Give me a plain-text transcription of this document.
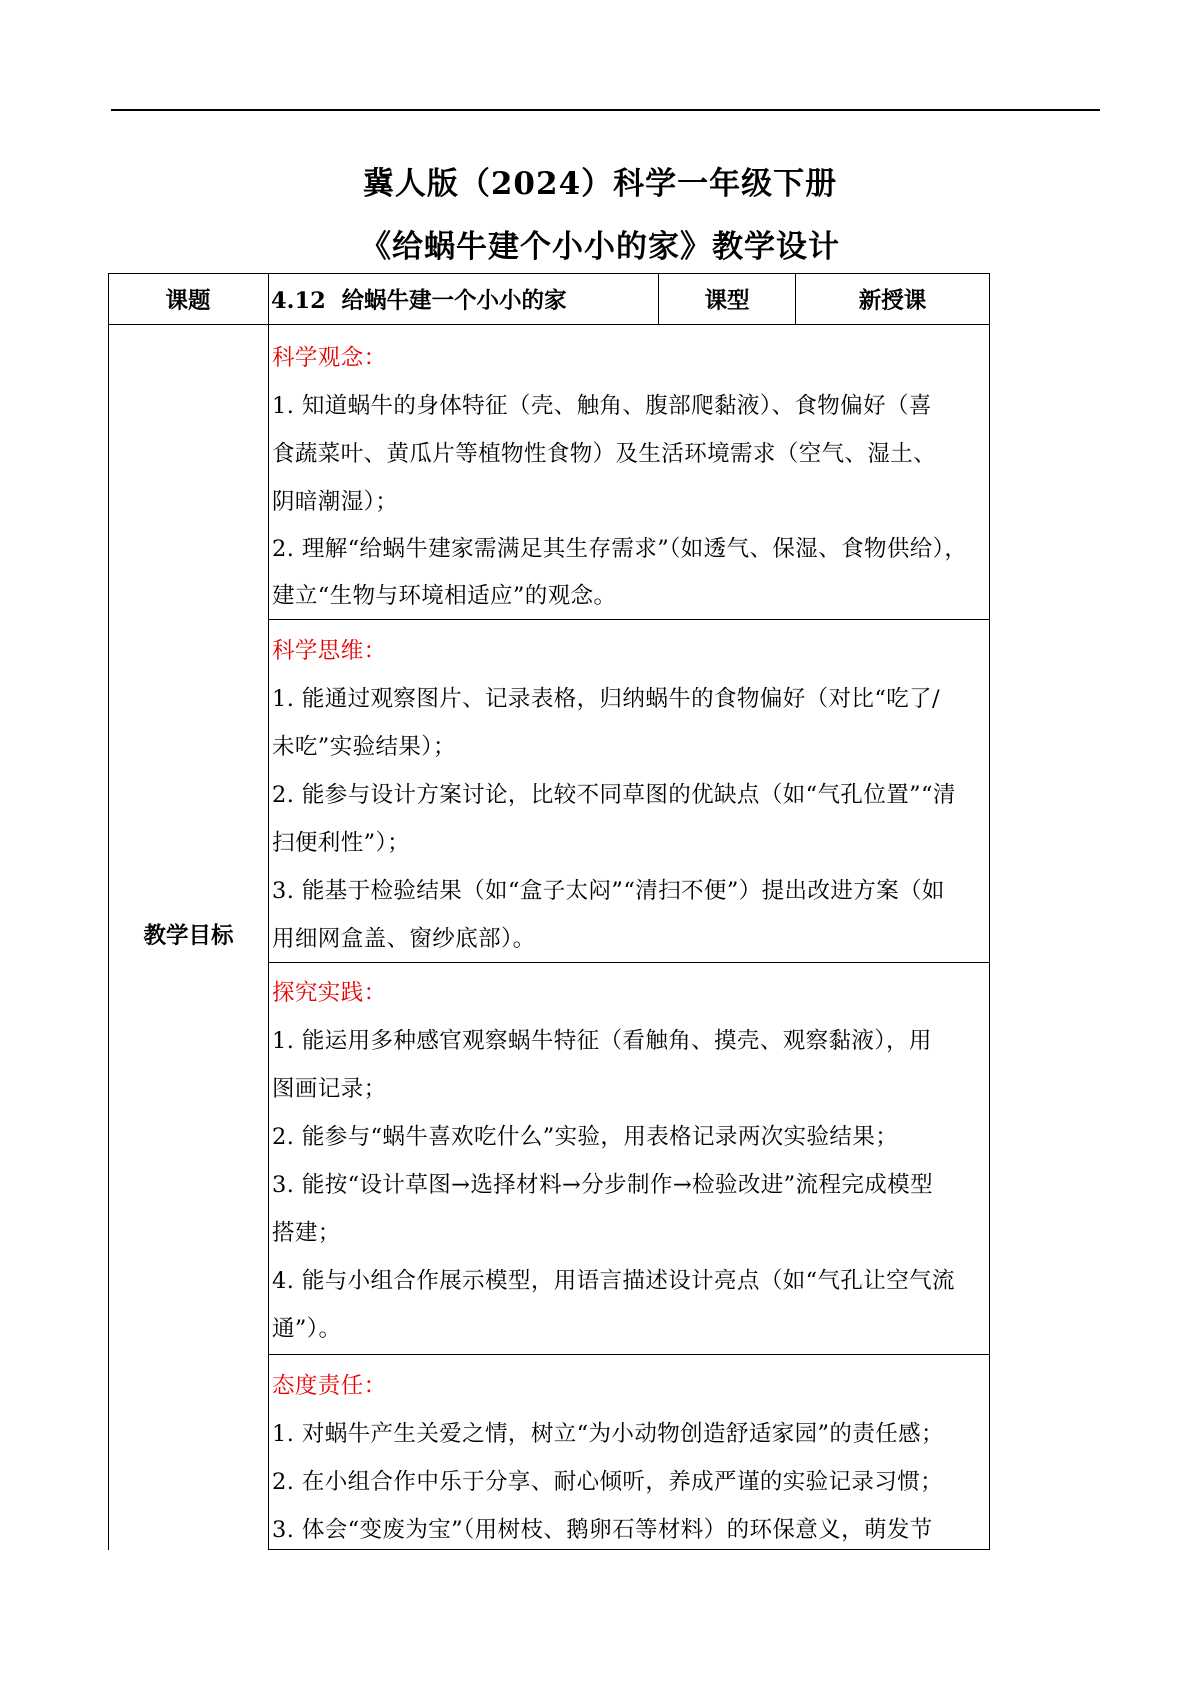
冀人版（2024）科学一年级下册
《给蜗牛建个小小的家》教学设计
课题	4.12  给蜗牛建一个小小的家	课型	新授课
教学目标
科学观念：
1. 知道蜗牛的身体特征（壳、触角、腹部爬黏液）、食物偏好（喜
食蔬菜叶、黄瓜片等植物性食物）及生活环境需求（空气、湿土、
阴暗潮湿）；
2. 理解“给蜗牛建家需满足其生存需求”（如透气、保湿、食物供给），
建立“生物与环境相适应”的观念。
科学思维：
1. 能通过观察图片、记录表格，归纳蜗牛的食物偏好（对比“吃了/
未吃”实验结果）；
2. 能参与设计方案讨论，比较不同草图的优缺点（如“气孔位置”“清
扫便利性”）；
3. 能基于检验结果（如“盒子太闷”“清扫不便”）提出改进方案（如
用细网盒盖、窗纱底部）。
探究实践：
1. 能运用多种感官观察蜗牛特征（看触角、摸壳、观察黏液），用
图画记录；
2. 能参与“蜗牛喜欢吃什么”实验，用表格记录两次实验结果；
3. 能按“设计草图→选择材料→分步制作→检验改进”流程完成模型
搭建；
4. 能与小组合作展示模型，用语言描述设计亮点（如“气孔让空气流
通”）。
态度责任：
1. 对蜗牛产生关爱之情，树立“为小动物创造舒适家园”的责任感；
2. 在小组合作中乐于分享、耐心倾听，养成严谨的实验记录习惯；
3. 体会“变废为宝”（用树枝、鹅卵石等材料）的环保意义，萌发节
